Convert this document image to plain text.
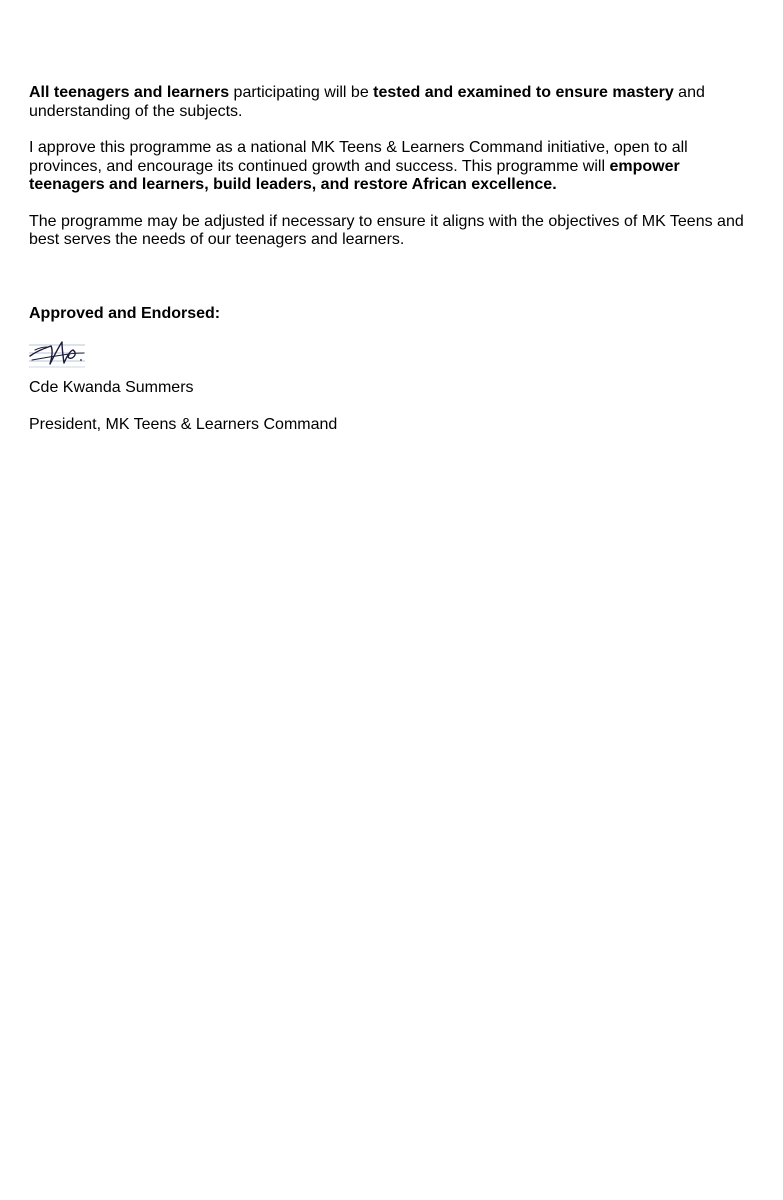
All teenagers and learners participating will be tested and examined to ensure mastery and understanding of the subjects.

I approve this programme as a national MK Teens & Learners Command initiative, open to all provinces, and encourage its continued growth and success. This programme will empower teenagers and learners, build leaders, and restore African excellence.

The programme may be adjusted if necessary to ensure it aligns with the objectives of MK Teens and best serves the needs of our teenagers and learners.

Approved and Endorsed:

Cde Kwanda Summers

President, MK Teens & Learners Command
